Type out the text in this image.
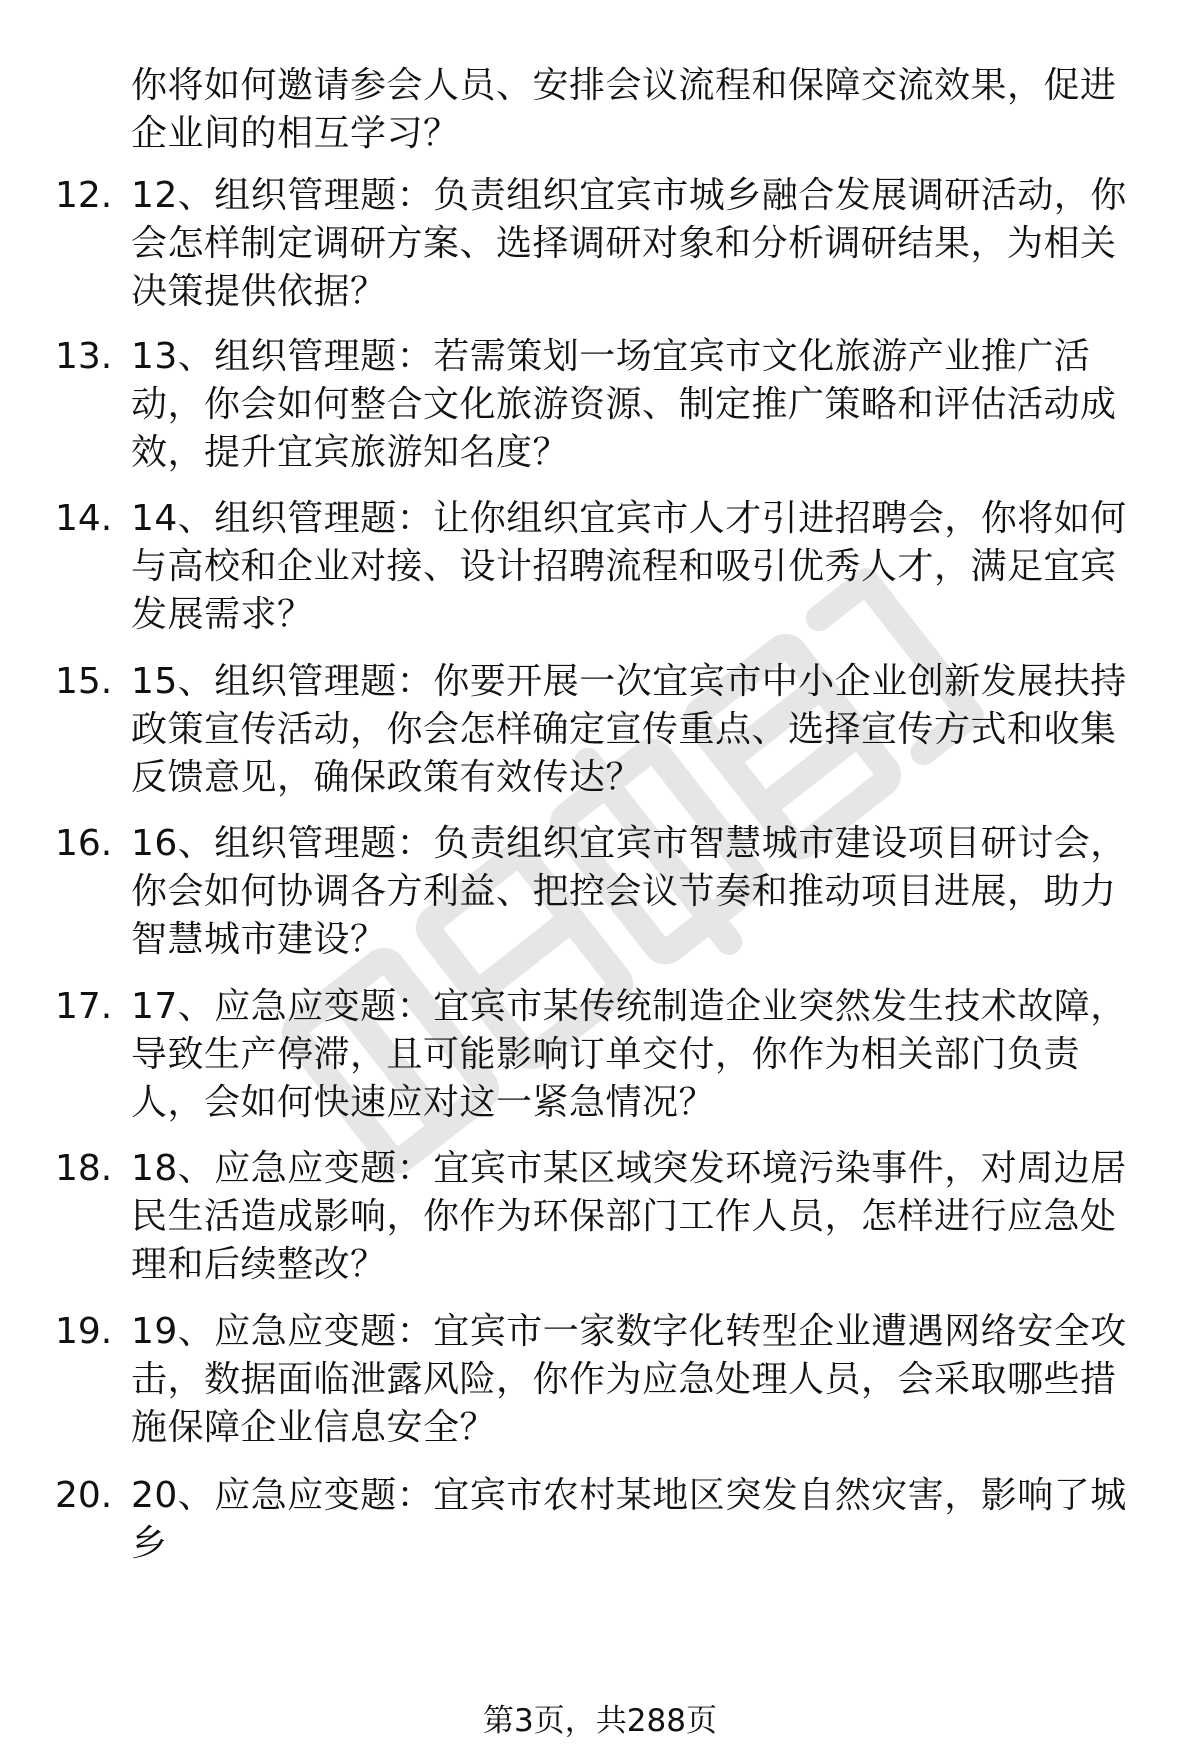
你将如何邀请参会人员、安排会议流程和保障交流效果，促进企业间的相互学习？
12. 12、组织管理题：负责组织宜宾市城乡融合发展调研活动，你会怎样制定调研方案、选择调研对象和分析调研结果，为相关决策提供依据？
13. 13、组织管理题：若需策划一场宜宾市文化旅游产业推广活动，你会如何整合文化旅游资源、制定推广策略和评估活动成效，提升宜宾旅游知名度？
14. 14、组织管理题：让你组织宜宾市人才引进招聘会，你将如何与高校和企业对接、设计招聘流程和吸引优秀人才，满足宜宾发展需求？
15. 15、组织管理题：你要开展一次宜宾市中小企业创新发展扶持政策宣传活动，你会怎样确定宣传重点、选择宣传方式和收集反馈意见，确保政策有效传达？
16. 16、组织管理题：负责组织宜宾市智慧城市建设项目研讨会，你会如何协调各方利益、把控会议节奏和推动项目进展，助力智慧城市建设？
17. 17、应急应变题：宜宾市某传统制造企业突然发生技术故障，导致生产停滞，且可能影响订单交付，你作为相关部门负责人，会如何快速应对这一紧急情况？
18. 18、应急应变题：宜宾市某区域突发环境污染事件，对周边居民生活造成影响，你作为环保部门工作人员，怎样进行应急处理和后续整改？
19. 19、应急应变题：宜宾市一家数字化转型企业遭遇网络安全攻击，数据面临泄露风险，你作为应急处理人员，会采取哪些措施保障企业信息安全？
20. 20、应急应变题：宜宾市农村某地区突发自然灾害，影响了城乡
第3页，共288页
